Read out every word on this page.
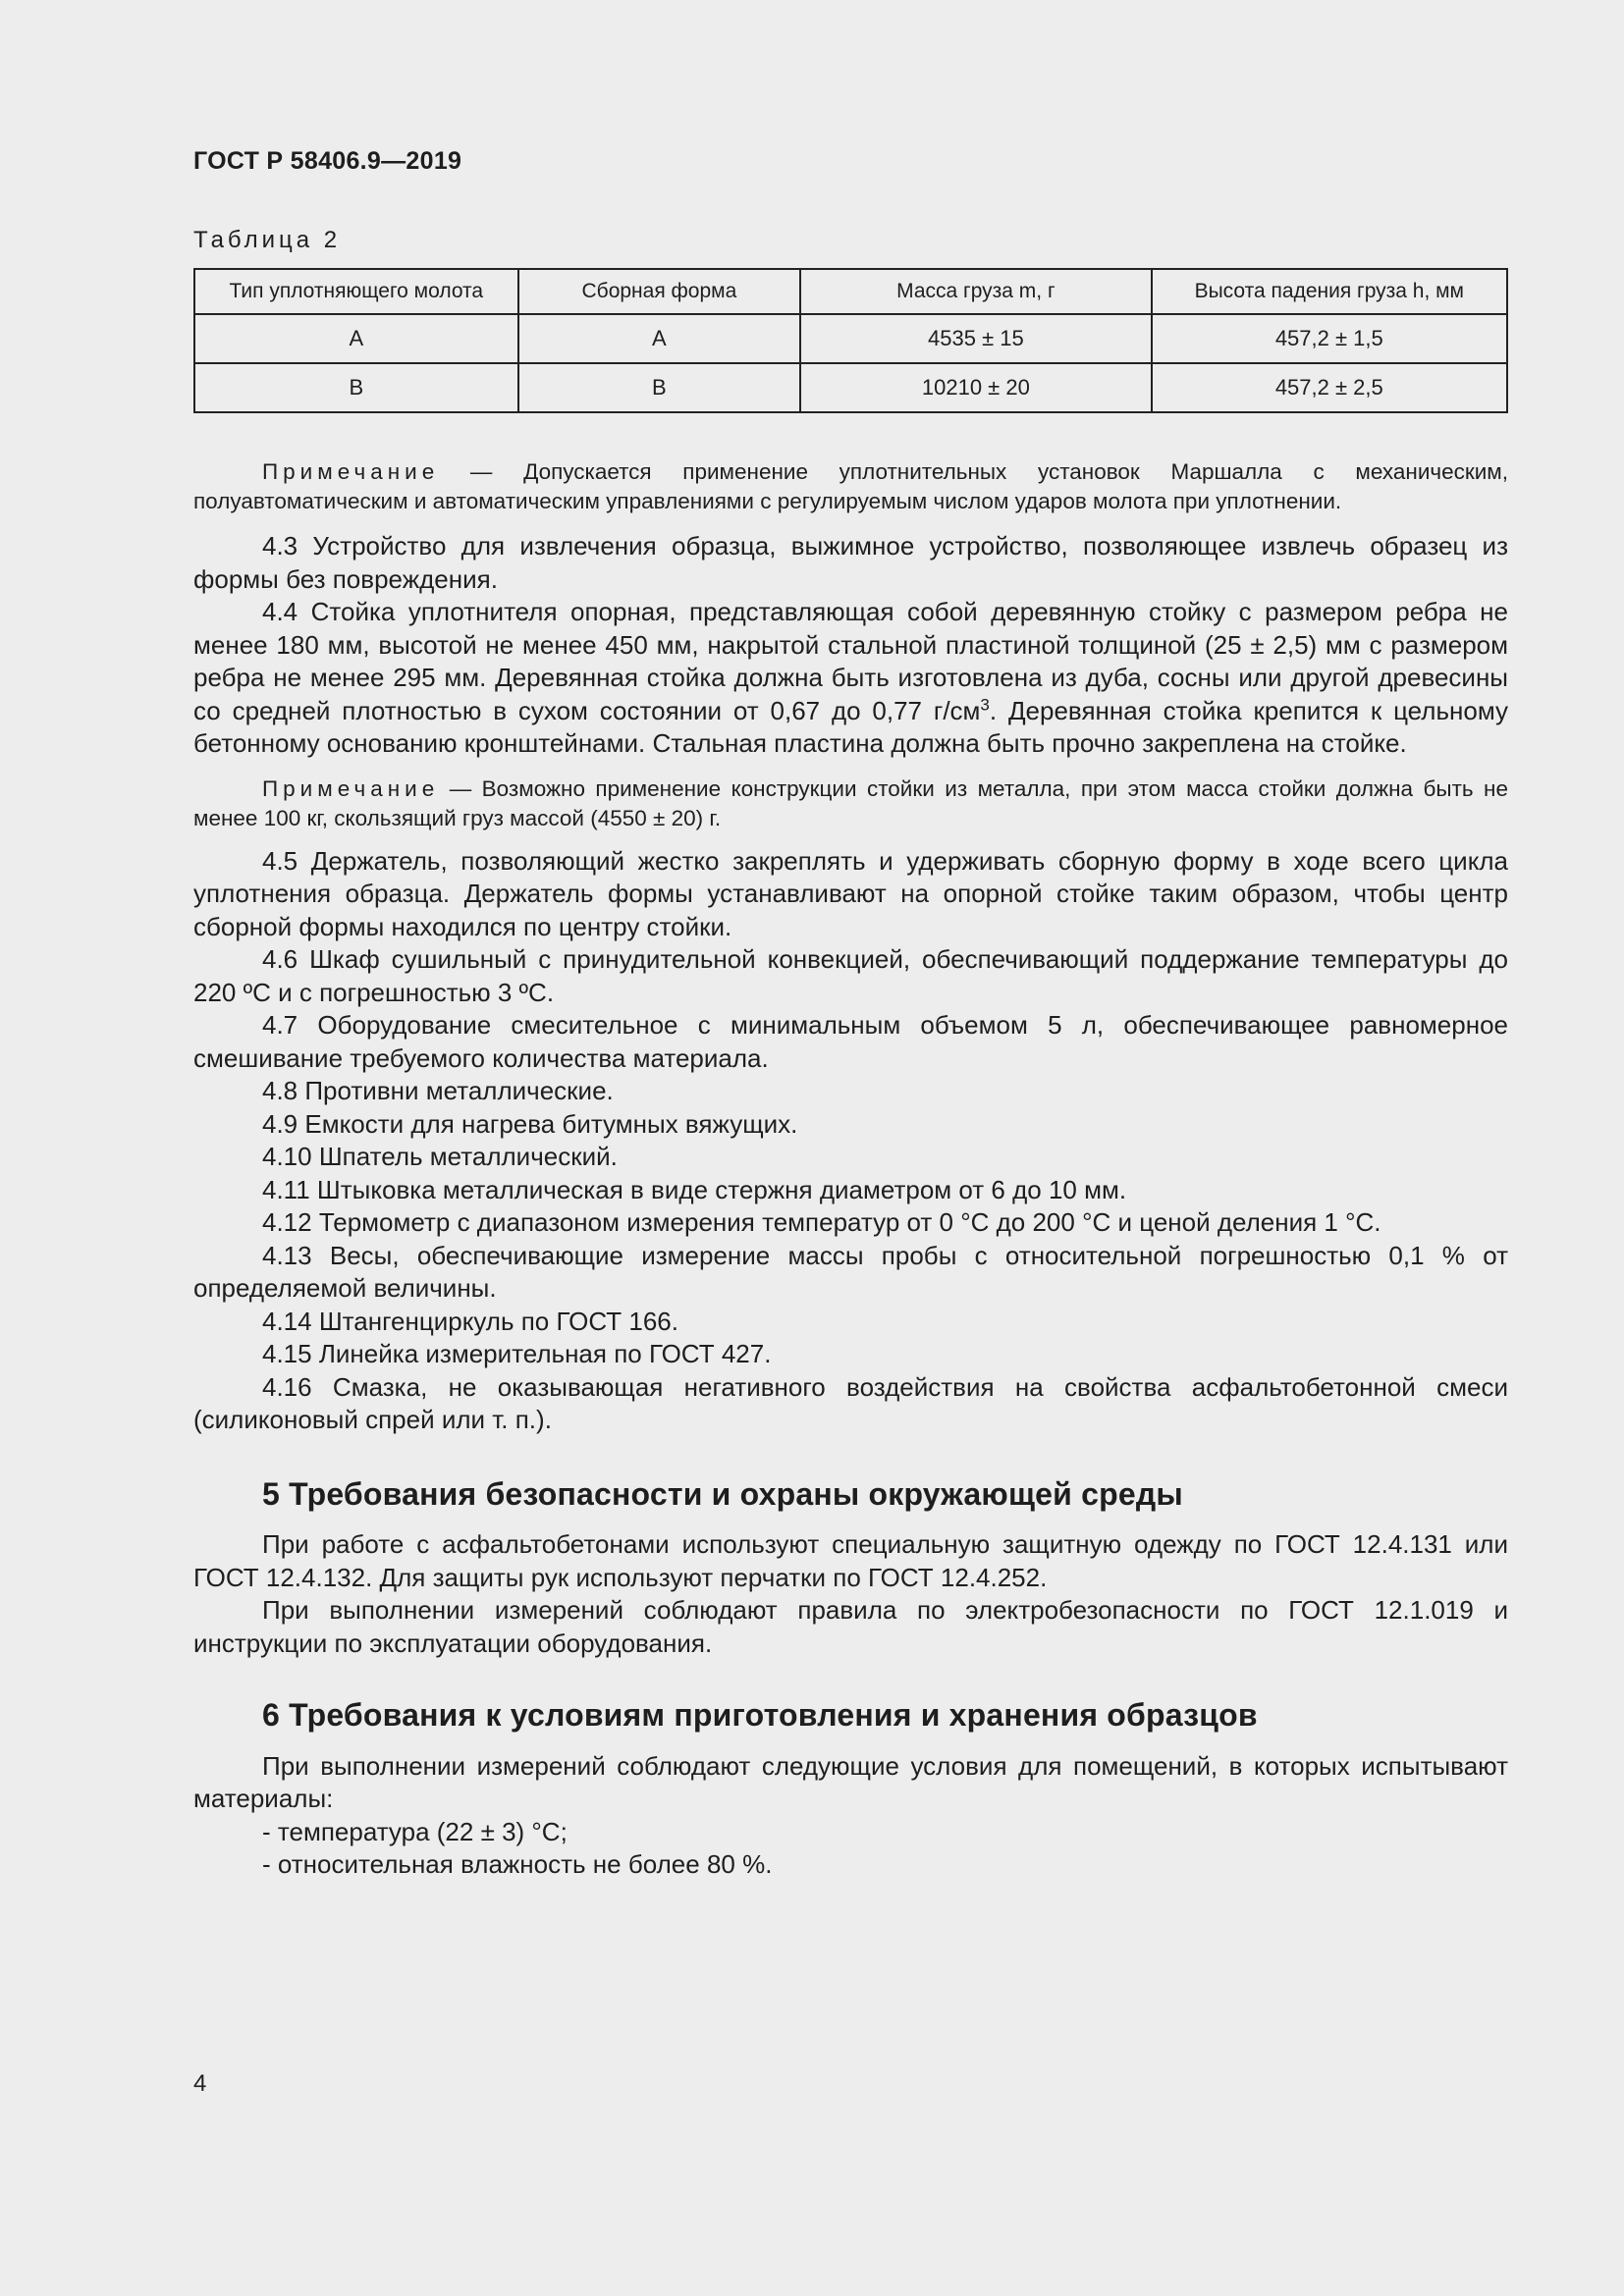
ГОСТ Р 58406.9—2019
Таблица 2
Тип уплотняющего молота	Сборная форма	Масса груза m, г	Высота падения груза h, мм
A	A	4535 ± 15	457,2 ± 1,5
B	B	10210 ± 20	457,2 ± 2,5

Примечание — Допускается применение уплотнительных установок Маршалла с механическим, полуавтоматическим и автоматическим управлениями с регулируемым числом ударов молота при уплотнении.

4.3 Устройство для извлечения образца, выжимное устройство, позволяющее извлечь образец из формы без повреждения.

4.4 Стойка уплотнителя опорная, представляющая собой деревянную стойку с размером ребра не менее 180 мм, высотой не менее 450 мм, накрытой стальной пластиной толщиной (25 ± 2,5) мм с размером ребра не менее 295 мм. Деревянная стойка должна быть изготовлена из дуба, сосны или другой древесины со средней плотностью в сухом состоянии от 0,67 до 0,77 $г/см^3$. Деревянная стойка крепится к цельному бетонному основанию кронштейнами. Стальная пластина должна быть прочно закреплена на стойке.

Примечание — Возможно применение конструкции стойки из металла, при этом масса стойки должна быть не менее 100 кг, скользящий груз массой (4550 ± 20) г.

4.5 Держатель, позволяющий жестко закреплять и удерживать сборную форму в ходе всего цикла уплотнения образца. Держатель формы устанавливают на опорной стойке таким образом, чтобы центр сборной формы находился по центру стойки.

4.6 Шкаф сушильный с принудительной конвекцией, обеспечивающий поддержание температуры до 220 ºС и с погрешностью 3 ºС.

4.7 Оборудование смесительное с минимальным объемом 5 л, обеспечивающее равномерное смешивание требуемого количества материала.

4.8 Противни металлические.

4.9 Емкости для нагрева битумных вяжущих.

4.10 Шпатель металлический.

4.11 Штыковка металлическая в виде стержня диаметром от 6 до 10 мм.

4.12 Термометр с диапазоном измерения температур от 0 °С до 200 °С и ценой деления 1 °С.

4.13 Весы, обеспечивающие измерение массы пробы с относительной погрешностью 0,1 % от определяемой величины.

4.14 Штангенциркуль по ГОСТ 166.

4.15 Линейка измерительная по ГОСТ 427.

4.16 Смазка, не оказывающая негативного воздействия на свойства асфальтобетонной смеси (силиконовый спрей или т. п.).

5 Требования безопасности и охраны окружающей среды

При работе с асфальтобетонами используют специальную защитную одежду по ГОСТ 12.4.131 или ГОСТ 12.4.132. Для защиты рук используют перчатки по ГОСТ 12.4.252.

При выполнении измерений соблюдают правила по электробезопасности по ГОСТ 12.1.019 и инструкции по эксплуатации оборудования.

6 Требования к условиям приготовления и хранения образцов

При выполнении измерений соблюдают следующие условия для помещений, в которых испытывают материалы:

- температура (22 ± 3) °С;

- относительная влажность не более 80 %.

4
